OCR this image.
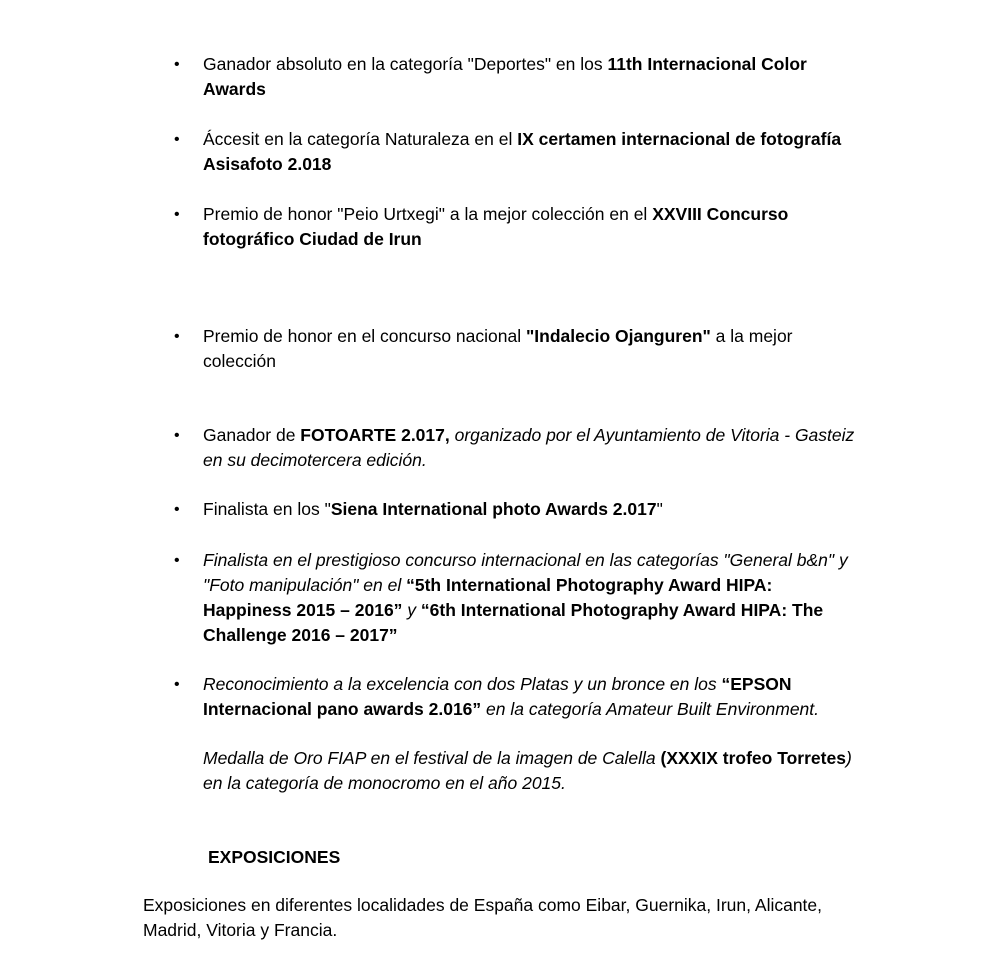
•
Ganador absoluto en la categoría "Deportes" en los 11th Internacional Color Awards
•
Áccesit en la categoría Naturaleza en el IX certamen internacional de fotografía Asisafoto 2.018
•
Premio de honor "Peio Urtxegi" a la mejor colección en el XXVIII Concurso fotográfico Ciudad de Irun
•
Premio de honor en el concurso nacional "Indalecio Ojanguren" a la mejor colección
•
Ganador de FOTOARTE 2.017, organizado por el Ayuntamiento de Vitoria - Gasteiz en su decimotercera edición.
•
Finalista en los "Siena International photo Awards 2.017"
•
Finalista en el prestigioso concurso internacional en las categorías "General b&n" y "Foto manipulación" en el “5th International Photography Award HIPA: Happiness 2015 – 2016” y “6th International Photography Award HIPA: The Challenge 2016 – 2017”
•
Reconocimiento a la excelencia con dos Platas y un bronce en los “EPSON Internacional pano awards 2.016” en la categoría Amateur Built Environment.
Medalla de Oro FIAP en el festival de la imagen de Calella (XXXIX trofeo Torretes) en la categoría de monocromo en el año 2015.
EXPOSICIONES
Exposiciones en diferentes localidades de España como Eibar, Guernika, Irun, Alicante, Madrid, Vitoria y Francia.
